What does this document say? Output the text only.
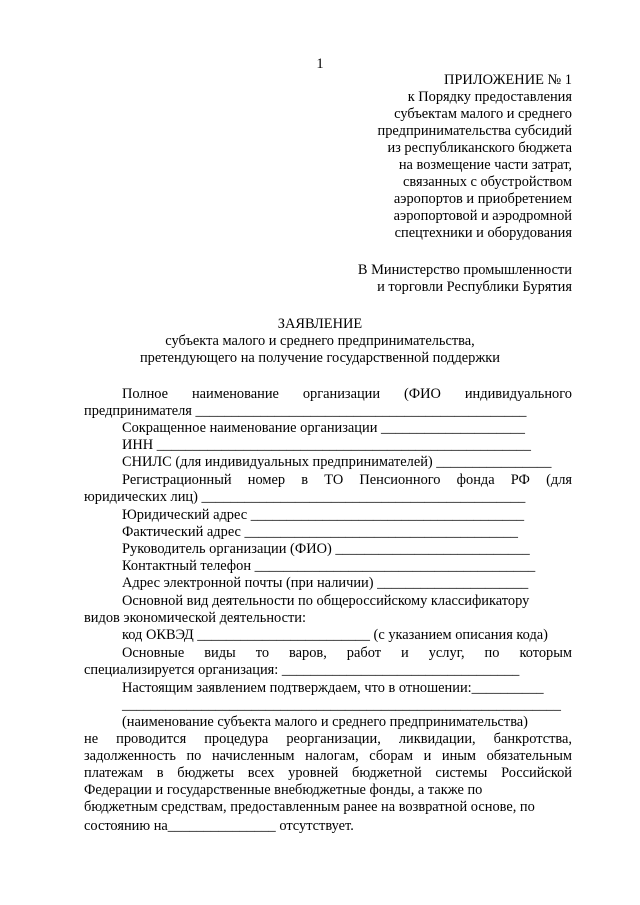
1
ПРИЛОЖЕНИЕ № 1
к Порядку предоставления
субъектам малого и среднего
предпринимательства субсидий
из республиканского бюджета
на возмещение части затрат,
связанных с обустройством
аэропортов и приобретением
аэропортовой и аэродромной
спецтехники и оборудования
В Министерство промышленности
и торговли Республики Бурятия
ЗАЯВЛЕНИЕ
субъекта малого и среднего предпринимательства,
претендующего на получение государственной поддержки
Полное наименование организации (ФИО индивидуального
предпринимателя ______________________________________________
Сокращенное наименование организации ____________________
ИНН ____________________________________________________
СНИЛС (для индивидуальных предпринимателей) ________________
Регистрационный номер в ТО Пенсионного фонда РФ (для
юридических лиц) _____________________________________________
Юридический адрес ______________________________________
Фактический адрес ______________________________________
Руководитель организации (ФИО) ___________________________
Контактный телефон _______________________________________
Адрес электронной почты (при наличии) _____________________
Основной вид деятельности по общероссийскому классификатору
видов экономической деятельности:
код ОКВЭД ________________________ (с указанием описания кода)
Основные виды то варов, работ и услуг, по которым
специализируется организация: _________________________________
Настоящим заявлением подтверждаем, что в отношении:__________
_____________________________________________________________
(наименование субъекта малого и среднего предпринимательства)
не проводится процедура реорганизации, ликвидации, банкротства,
задолженность по начисленным налогам, сборам и иным обязательным
платежам в бюджеты всех уровней бюджетной системы Российской
Федерации и государственные внебюджетные фонды, а также по
бюджетным средствам, предоставленным ранее на возвратной основе, по
состоянию на_______________ отсутствует.
